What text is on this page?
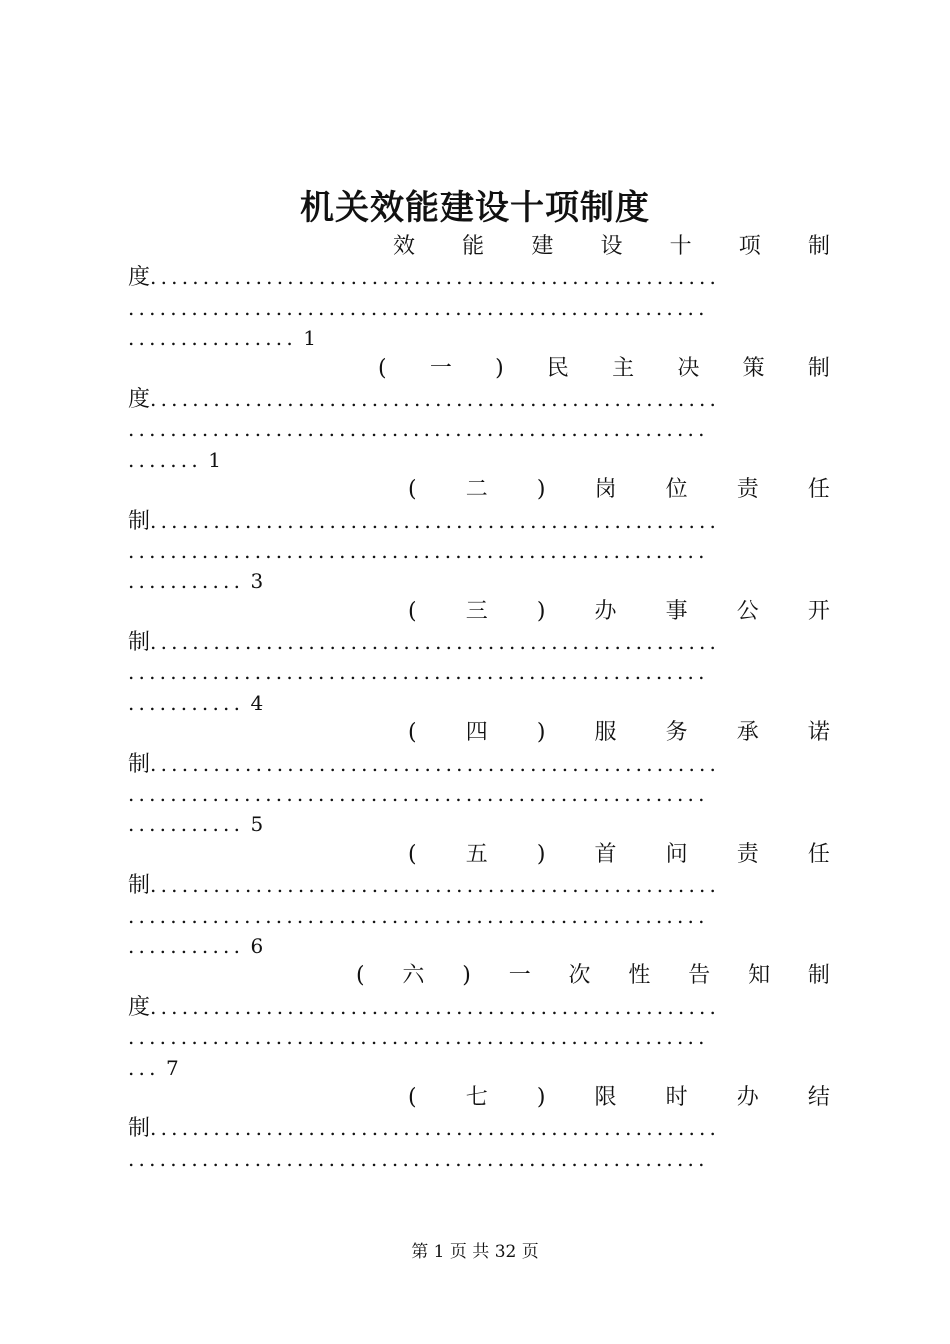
机关效能建设十项制度
效 能 建 设 十 项 制
度......................................................
.......................................................
................ 1
( 一 ) 民 主 决 策 制
度......................................................
.......................................................
....... 1
( 二 ) 岗 位 责 任
制......................................................
.......................................................
........... 3
( 三 ) 办 事 公 开
制......................................................
.......................................................
........... 4
( 四 ) 服 务 承 诺
制......................................................
.......................................................
........... 5
( 五 ) 首 问 责 任
制......................................................
.......................................................
........... 6
( 六 ) 一 次 性 告 知 制
度......................................................
.......................................................
... 7
( 七 ) 限 时 办 结
制......................................................
.......................................................
第 1 页 共 32 页
